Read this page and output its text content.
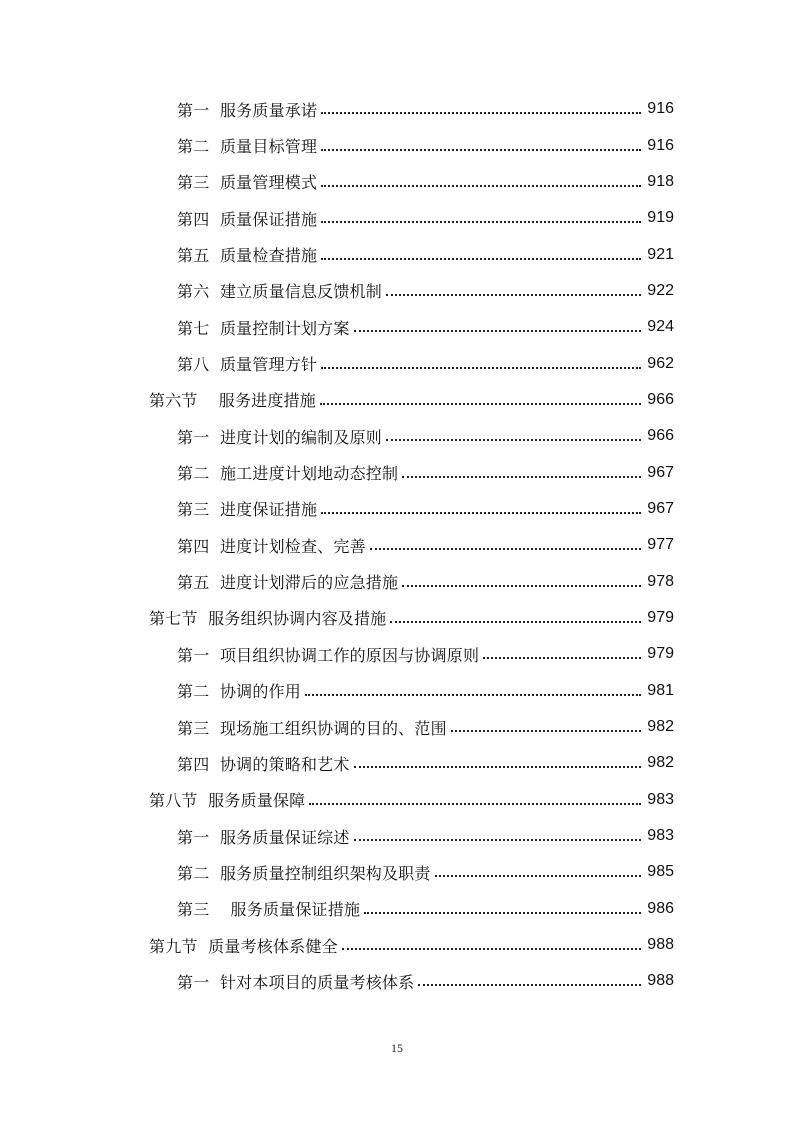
第一  服务质量承诺	916
第二  质量目标管理	916
第三  质量管理模式	918
第四  质量保证措施	919
第五  质量检查措施	921
第六  建立质量信息反馈机制	922
第七  质量控制计划方案	924
第八  质量管理方针	962
第六节    服务进度措施	966
第一  进度计划的编制及原则	966
第二  施工进度计划地动态控制	967
第三  进度保证措施	967
第四  进度计划检查、完善	977
第五  进度计划滞后的应急措施	978
第七节  服务组织协调内容及措施	979
第一  项目组织协调工作的原因与协调原则	979
第二  协调的作用	981
第三  现场施工组织协调的目的、范围	982
第四  协调的策略和艺术	982
第八节  服务质量保障	983
第一  服务质量保证综述	983
第二  服务质量控制组织架构及职责	985
第三    服务质量保证措施	986
第九节  质量考核体系健全	988
第一  针对本项目的质量考核体系	988
15
